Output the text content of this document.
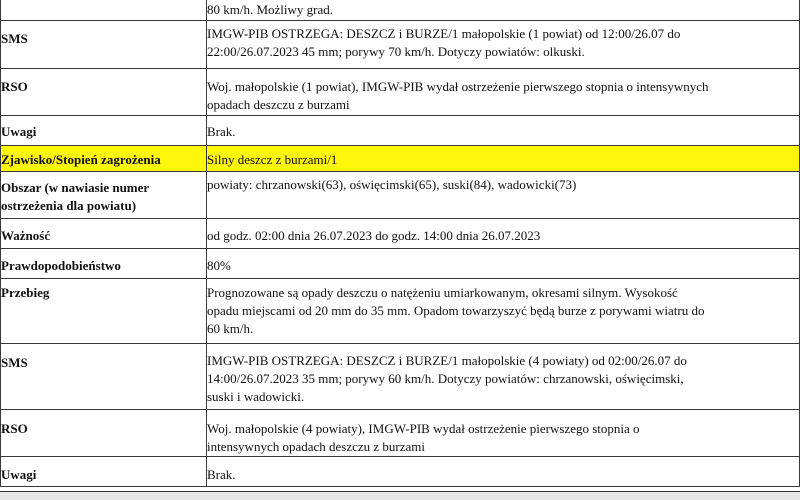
	80 km/h. Możliwy grad.
SMS	IMGW-PIB OSTRZEGA: DESZCZ i BURZE/1 małopolskie (1 powiat) od 12:00/26.07 do
22:00/26.07.2023 45 mm; porywy 70 km/h. Dotyczy powiatów: olkuski.
RSO	Woj. małopolskie (1 powiat), IMGW-PIB wydał ostrzeżenie pierwszego stopnia o intensywnych
opadach deszczu z burzami
Uwagi	Brak.
Zjawisko/Stopień zagrożenia	Silny deszcz z burzami/1
Obszar (w nawiasie numer
ostrzeżenia dla powiatu)	powiaty: chrzanowski(63), oświęcimski(65), suski(84), wadowicki(73)
Ważność	od godz. 02:00 dnia 26.07.2023 do godz. 14:00 dnia 26.07.2023
Prawdopodobieństwo	80%
Przebieg	Prognozowane są opady deszczu o natężeniu umiarkowanym, okresami silnym. Wysokość
opadu miejscami od 20 mm do 35 mm. Opadom towarzyszyć będą burze z porywami wiatru do
60 km/h.
SMS	IMGW-PIB OSTRZEGA: DESZCZ i BURZE/1 małopolskie (4 powiaty) od 02:00/26.07 do
14:00/26.07.2023 35 mm; porywy 60 km/h. Dotyczy powiatów: chrzanowski, oświęcimski,
suski i wadowicki.
RSO	Woj. małopolskie (4 powiaty), IMGW-PIB wydał ostrzeżenie pierwszego stopnia o
intensywnych opadach deszczu z burzami
Uwagi	Brak.
